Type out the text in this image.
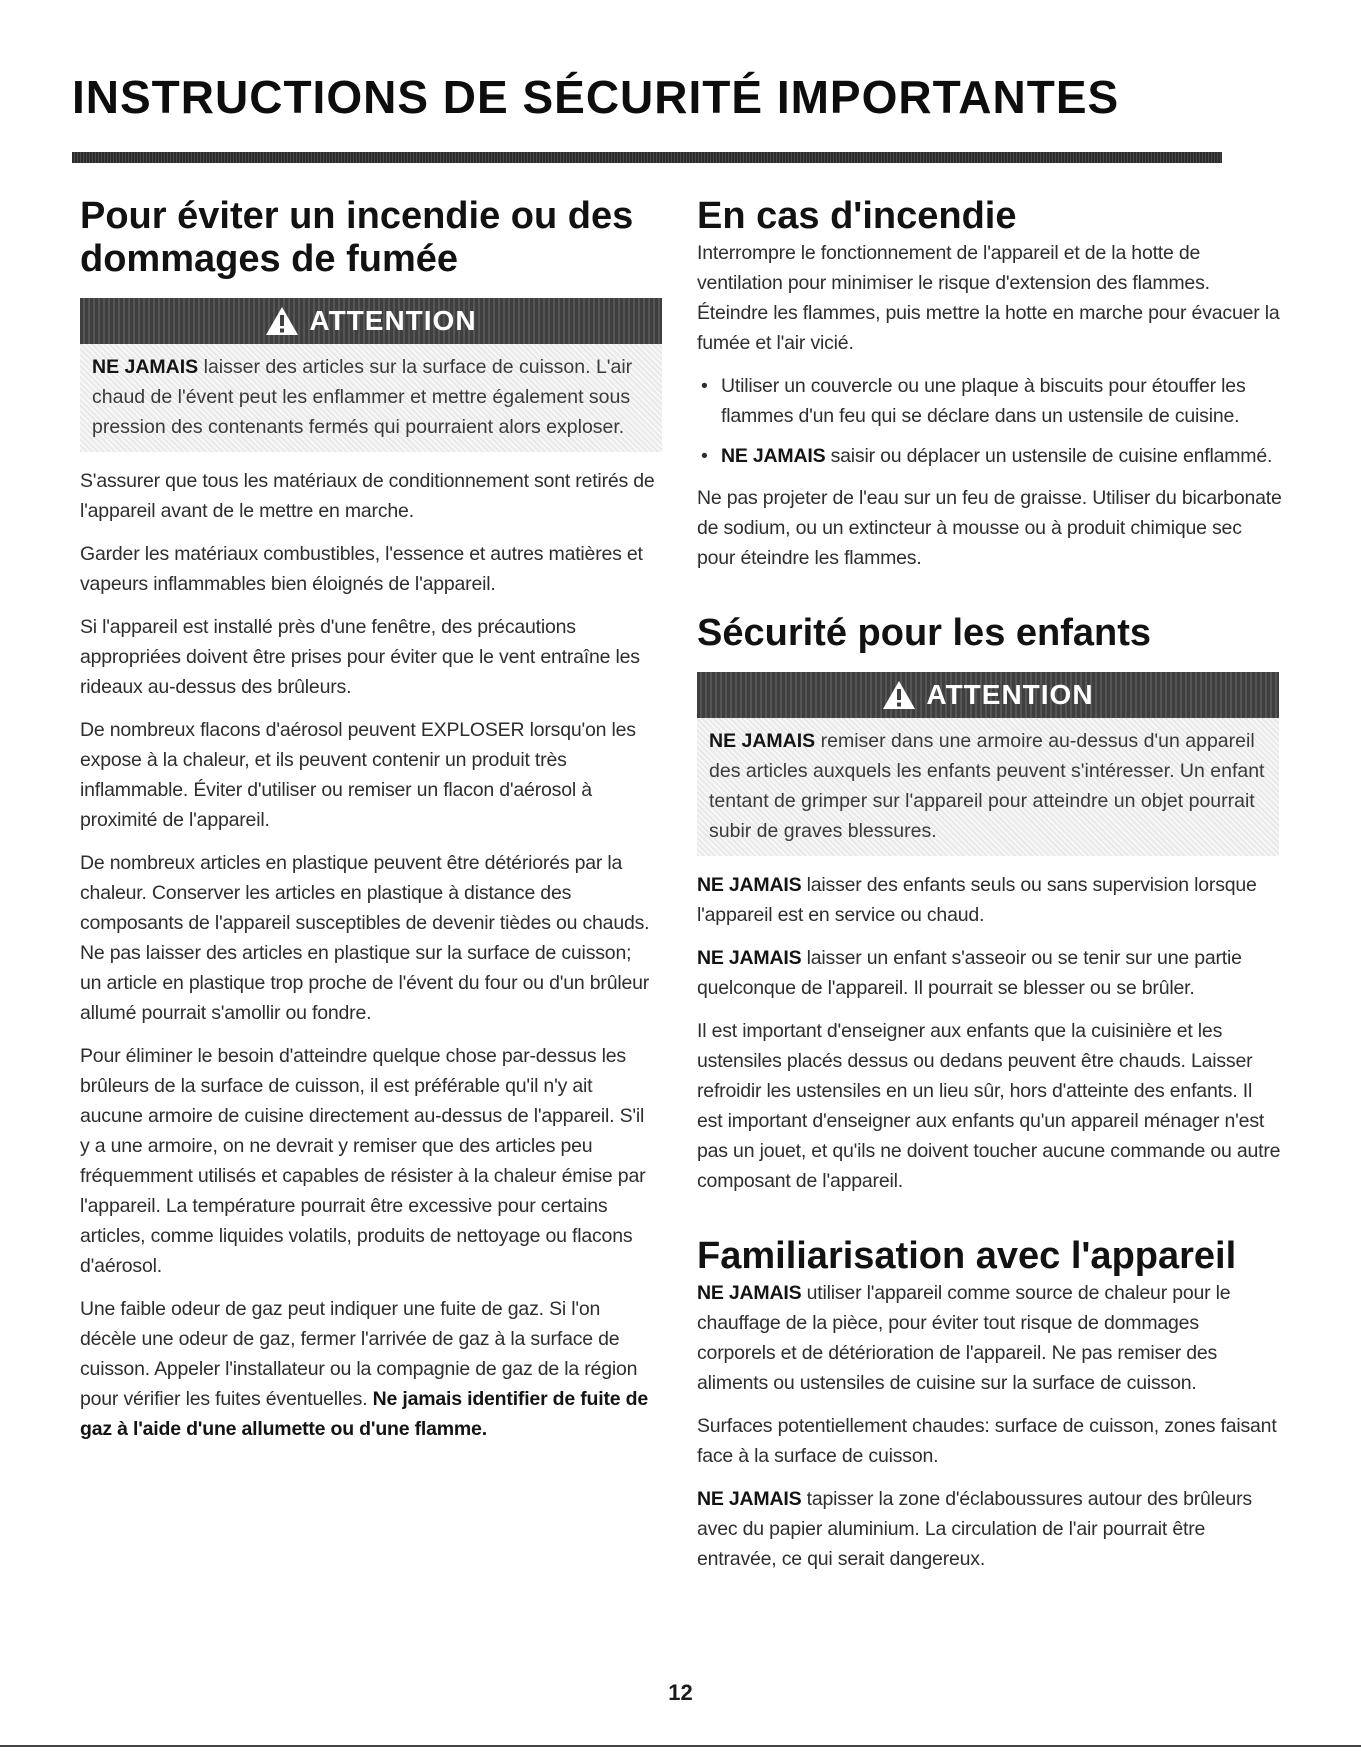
INSTRUCTIONS DE SÉCURITÉ IMPORTANTES
Pour éviter un incendie ou des dommages de fumée
ATTENTION

NE JAMAIS laisser des articles sur la surface de cuisson. L'air chaud de l'évent peut les enflammer et mettre également sous pression des contenants fermés qui pourraient alors exploser.

S'assurer que tous les matériaux de conditionnement sont retirés de l'appareil avant de le mettre en marche.

Garder les matériaux combustibles, l'essence et autres matières et vapeurs inflammables bien éloignés de l'appareil.

Si l'appareil est installé près d'une fenêtre, des précautions appropriées doivent être prises pour éviter que le vent entraîne les rideaux au-dessus des brûleurs.

De nombreux flacons d'aérosol peuvent EXPLOSER lorsqu'on les expose à la chaleur, et ils peuvent contenir un produit très inflammable. Éviter d'utiliser ou remiser un flacon d'aérosol à proximité de l'appareil.

De nombreux articles en plastique peuvent être détériorés par la chaleur. Conserver les articles en plastique à distance des composants de l'appareil susceptibles de devenir tièdes ou chauds. Ne pas laisser des articles en plastique sur la surface de cuisson; un article en plastique trop proche de l'évent du four ou d'un brûleur allumé pourrait s'amollir ou fondre.

Pour éliminer le besoin d'atteindre quelque chose par-dessus les brûleurs de la surface de cuisson, il est préférable qu'il n'y ait aucune armoire de cuisine directement au-dessus de l'appareil. S'il y a une armoire, on ne devrait y remiser que des articles peu fréquemment utilisés et capables de résister à la chaleur émise par l'appareil. La température pourrait être excessive pour certains articles, comme liquides volatils, produits de nettoyage ou flacons d'aérosol.

Une faible odeur de gaz peut indiquer une fuite de gaz. Si l'on décèle une odeur de gaz, fermer l'arrivée de gaz à la surface de cuisson. Appeler l'installateur ou la compagnie de gaz de la région pour vérifier les fuites éventuelles. Ne jamais identifier de fuite de gaz à l'aide d'une allumette ou d'une flamme.

En cas d'incendie

Interrompre le fonctionnement de l'appareil et de la hotte de ventilation pour minimiser le risque d'extension des flammes. Éteindre les flammes, puis mettre la hotte en marche pour évacuer la fumée et l'air vicié.

• Utiliser un couvercle ou une plaque à biscuits pour étouffer les flammes d'un feu qui se déclare dans un ustensile de cuisine.
• NE JAMAIS saisir ou déplacer un ustensile de cuisine enflammé.

Ne pas projeter de l'eau sur un feu de graisse. Utiliser du bicarbonate de sodium, ou un extincteur à mousse ou à produit chimique sec pour éteindre les flammes.

Sécurité pour les enfants
ATTENTION

NE JAMAIS remiser dans une armoire au-dessus d'un appareil des articles auxquels les enfants peuvent s'intéresser. Un enfant tentant de grimper sur l'appareil pour atteindre un objet pourrait subir de graves blessures.

NE JAMAIS laisser des enfants seuls ou sans supervision lorsque l'appareil est en service ou chaud.

NE JAMAIS laisser un enfant s'asseoir ou se tenir sur une partie quelconque de l'appareil. Il pourrait se blesser ou se brûler.

Il est important d'enseigner aux enfants que la cuisinière et les ustensiles placés dessus ou dedans peuvent être chauds. Laisser refroidir les ustensiles en un lieu sûr, hors d'atteinte des enfants. Il est important d'enseigner aux enfants qu'un appareil ménager n'est pas un jouet, et qu'ils ne doivent toucher aucune commande ou autre composant de l'appareil.

Familiarisation avec l'appareil

NE JAMAIS utiliser l'appareil comme source de chaleur pour le chauffage de la pièce, pour éviter tout risque de dommages corporels et de détérioration de l'appareil. Ne pas remiser des aliments ou ustensiles de cuisine sur la surface de cuisson.

Surfaces potentiellement chaudes: surface de cuisson, zones faisant face à la surface de cuisson.

NE JAMAIS tapisser la zone d'éclaboussures autour des brûleurs avec du papier aluminium. La circulation de l'air pourrait être entravée, ce qui serait dangereux.

12
